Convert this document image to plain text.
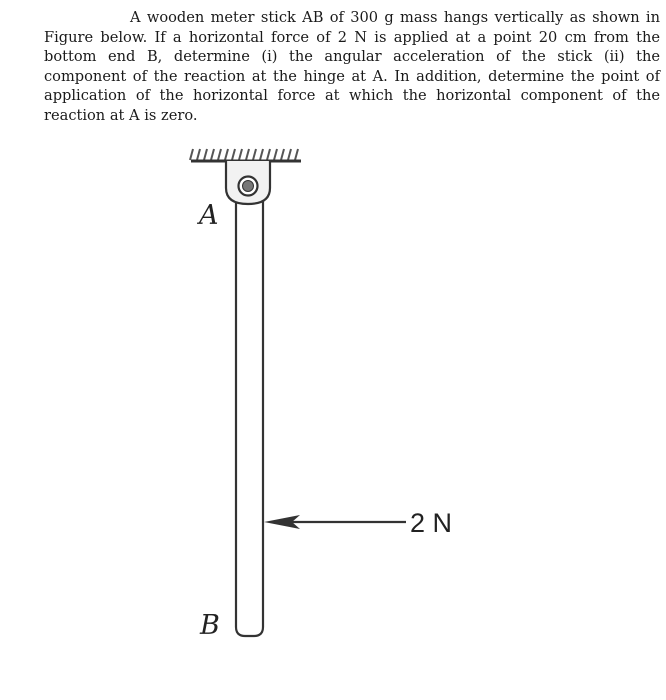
A wooden meter stick AB of 300 g mass hangs vertically as shown in Figure below. If a horizontal force of 2 N is applied at a point 20 cm from the bottom end B, determine (i) the angular acceleration of the stick (ii) the component of the reaction at the hinge at A. In addition, determine the point of application of the horizontal force at which the horizontal component of the reaction at A is zero.

A
B
2 N
